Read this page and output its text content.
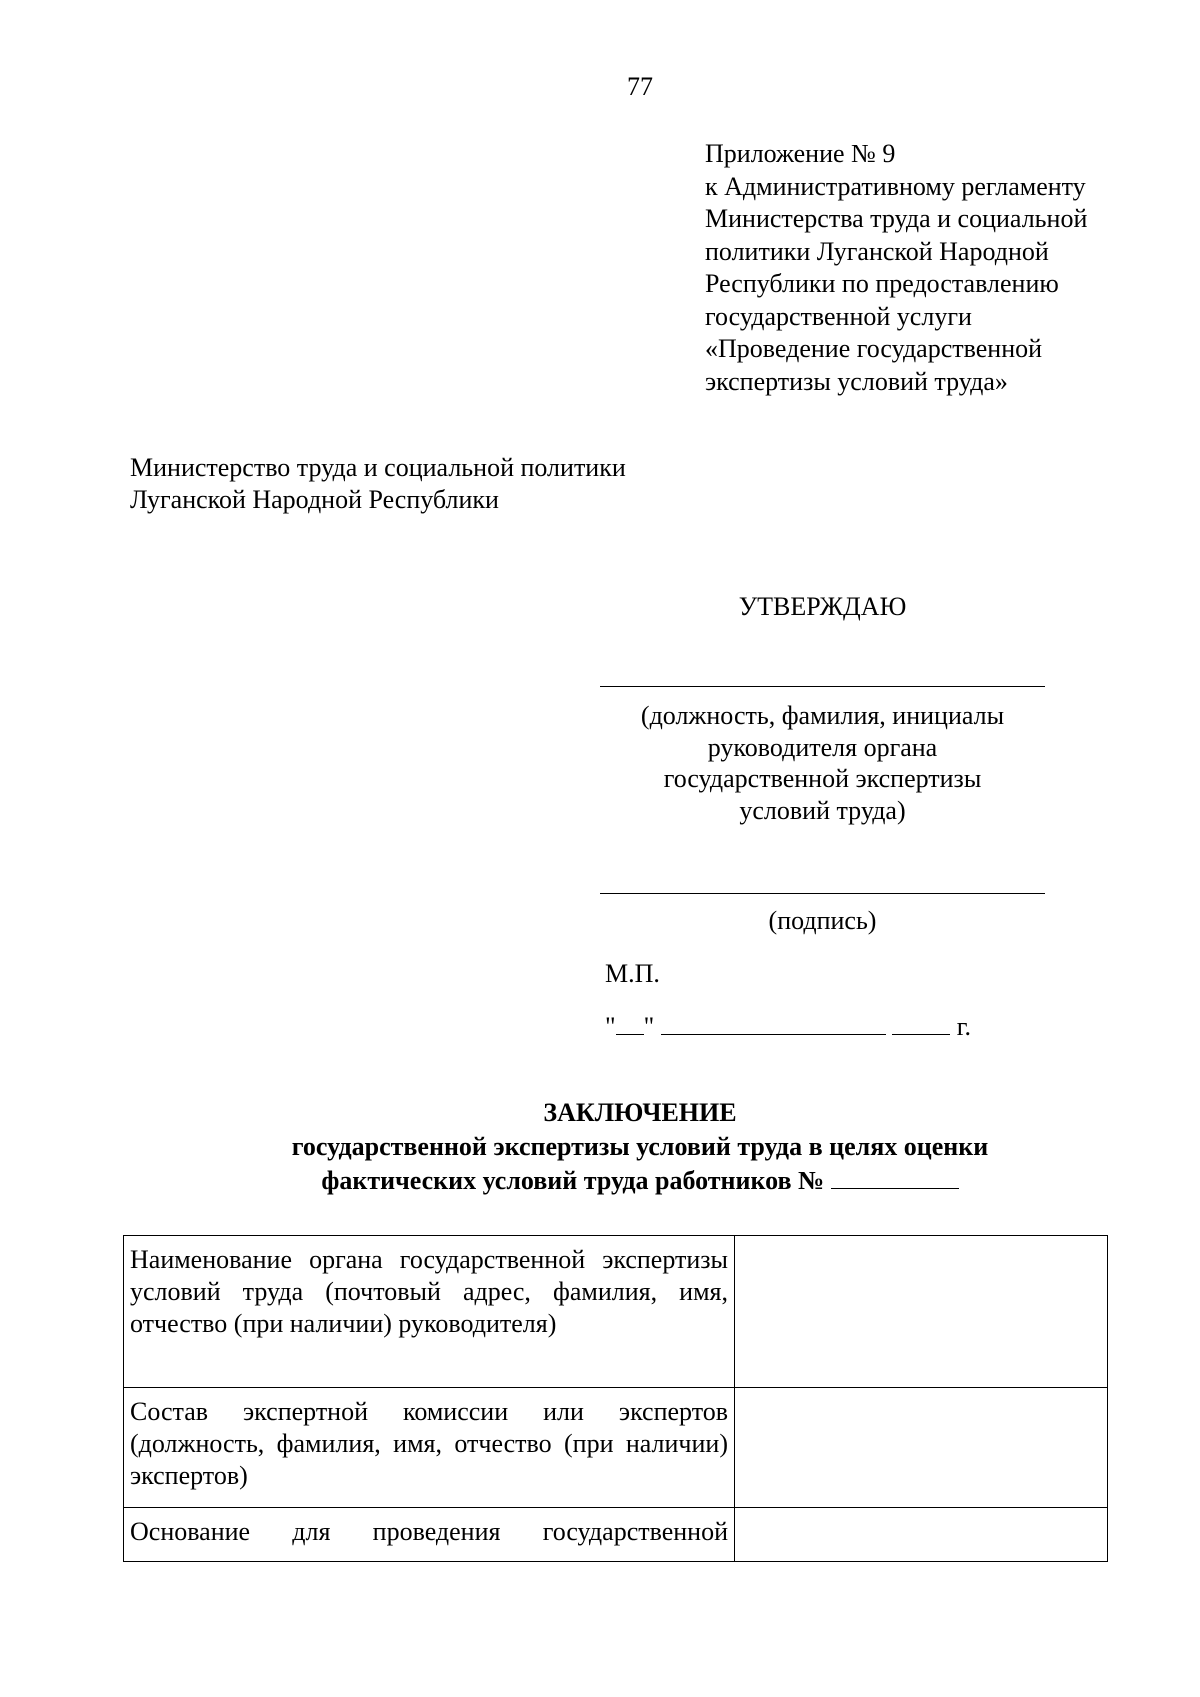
77
Приложение № 9
к Административному регламенту
Министерства труда и социальной
политики Луганской Народной
Республики по предоставлению
государственной услуги
«Проведение государственной
экспертизы условий труда»
Министерство труда и социальной политики
Луганской Народной Республики
УТВЕРЖДАЮ
(должность, фамилия, инициалы
руководителя органа
государственной экспертизы
условий труда)
(подпись)
М.П.
" "	г.
ЗАКЛЮЧЕНИЕ
государственной экспертизы условий труда в целях оценки
фактических условий труда работников №
Наименование органа государственной экспертизы условий труда (почтовый адрес, фамилия, имя, отчество (при наличии) руководителя)	
Состав экспертной комиссии или экспертов (должность, фамилия, имя, отчество (при наличии) экспертов)	
Основание для проведения государственной	
